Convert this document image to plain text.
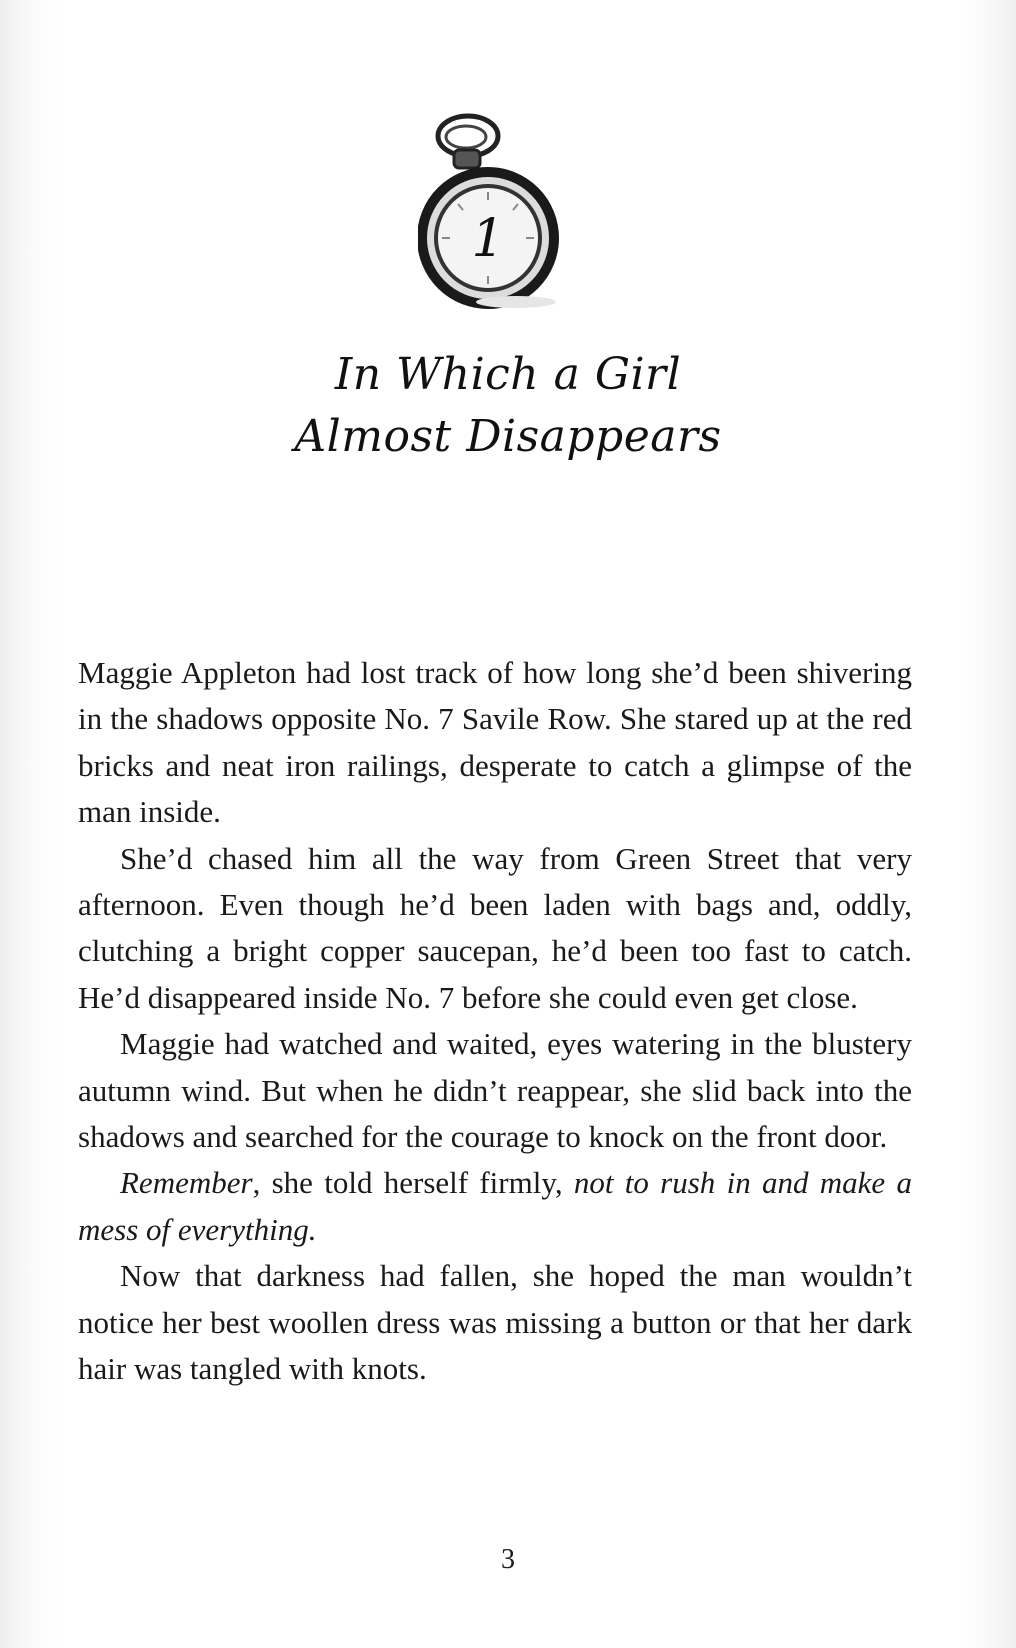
1
In Which a Girl
Almost Disappears

Maggie Appleton had lost track of how long she’d been shivering in the shadows opposite No. 7 Savile Row. She stared up at the red bricks and neat iron railings, desperate to catch a glimpse of the man inside.

She’d chased him all the way from Green Street that very afternoon. Even though he’d been laden with bags and, oddly, clutching a bright copper saucepan, he’d been too fast to catch. He’d disappeared inside No. 7 before she could even get close.

Maggie had watched and waited, eyes watering in the blustery autumn wind. But when he didn’t reappear, she slid back into the shadows and searched for the courage to knock on the front door.

Remember, she told herself firmly, not to rush in and make a mess of everything.

Now that darkness had fallen, she hoped the man wouldn’t notice her best woollen dress was missing a button or that her dark hair was tangled with knots.

3
